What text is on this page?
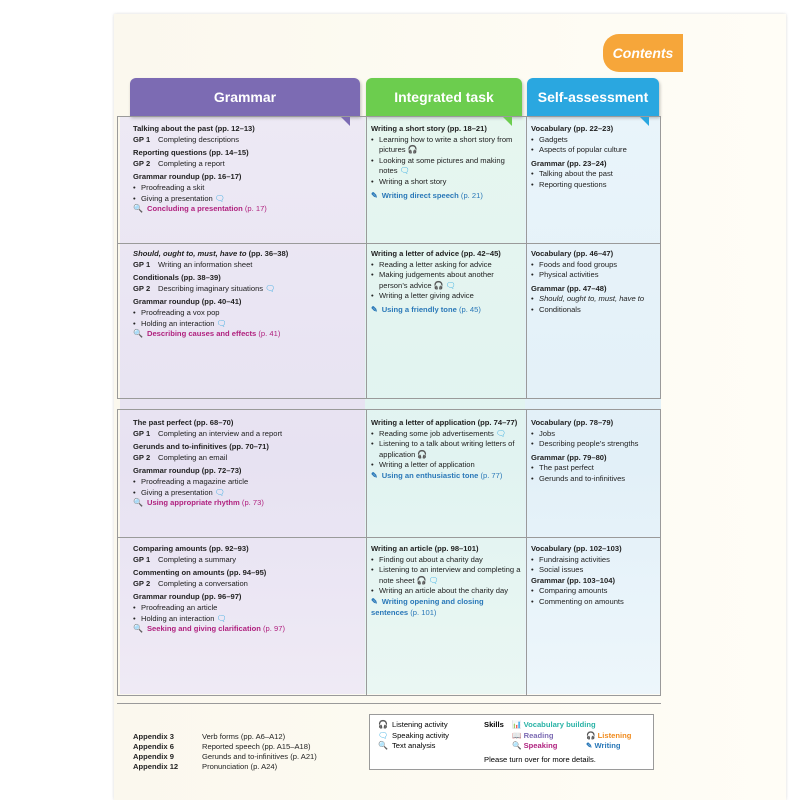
Contents
Grammar	Integrated task	Self-assessment
Talking about the past (pp. 12–13)
GP 1	Completing descriptions
Reporting questions (pp. 14–15)
GP 2	Completing a report
Grammar roundup (pp. 16–17)
• Proofreading a skit
• Giving a presentation 🗨
🔍 Concluding a presentation (p. 17)
Writing a short story (pp. 18–21)
• Learning how to write a short story from pictures 🎧
• Looking at some pictures and making notes 🗨
• Writing a short story
✎ Writing direct speech (p. 21)
Vocabulary (pp. 22–23)
• Gadgets
• Aspects of popular culture
Grammar (pp. 23–24)
• Talking about the past
• Reporting questions
Should, ought to, must, have to (pp. 36–38)
GP 1	Writing an information sheet
Conditionals (pp. 38–39)
GP 2	Describing imaginary situations 🗨
Grammar roundup (pp. 40–41)
• Proofreading a vox pop
• Holding an interaction 🗨
🔍 Describing causes and effects (p. 41)
Writing a letter of advice (pp. 42–45)
• Reading a letter asking for advice
• Making judgements about another person’s advice 🎧 🗨
• Writing a letter giving advice
✎ Using a friendly tone (p. 45)
Vocabulary (pp. 46–47)
• Foods and food groups
• Physical activities
Grammar (pp. 47–48)
• Should, ought to, must, have to
• Conditionals
The past perfect (pp. 68–70)
GP 1	Completing an interview and a report
Gerunds and to-infinitives (pp. 70–71)
GP 2	Completing an email
Grammar roundup (pp. 72–73)
• Proofreading a magazine article
• Giving a presentation 🗨
🔍 Using appropriate rhythm (p. 73)
Writing a letter of application (pp. 74–77)
• Reading some job advertisements 🗨
• Listening to a talk about writing letters of application 🎧
• Writing a letter of application
✎ Using an enthusiastic tone (p. 77)
Vocabulary (pp. 78–79)
• Jobs
• Describing people’s strengths
Grammar (pp. 79–80)
• The past perfect
• Gerunds and to-infinitives
Comparing amounts (pp. 92–93)
GP 1	Completing a summary
Commenting on amounts (pp. 94–95)
GP 2	Completing a conversation
Grammar roundup (pp. 96–97)
• Proofreading an article
• Holding an interaction 🗨
🔍 Seeking and giving clarification (p. 97)
Writing an article (pp. 98–101)
• Finding out about a charity day
• Listening to an interview and completing a note sheet 🎧 🗨
• Writing an article about the charity day
✎ Writing opening and closing sentences (p. 101)
Vocabulary (pp. 102–103)
• Fundraising activities
• Social issues
Grammar (pp. 103–104)
• Comparing amounts
• Commenting on amounts
Appendix 3	Verb forms (pp. A6–A12)
Appendix 6	Reported speech (pp. A15–A18)
Appendix 9	Gerunds and to-infinitives (p. A21)
Appendix 12	Pronunciation (p. A24)
🎧 Listening activity
🗨 Speaking activity
🔍 Text analysis
Skills 📊 Vocabulary building
📖 Reading	🎧 Listening
🔍 Speaking	✎ Writing
Please turn over for more details.
